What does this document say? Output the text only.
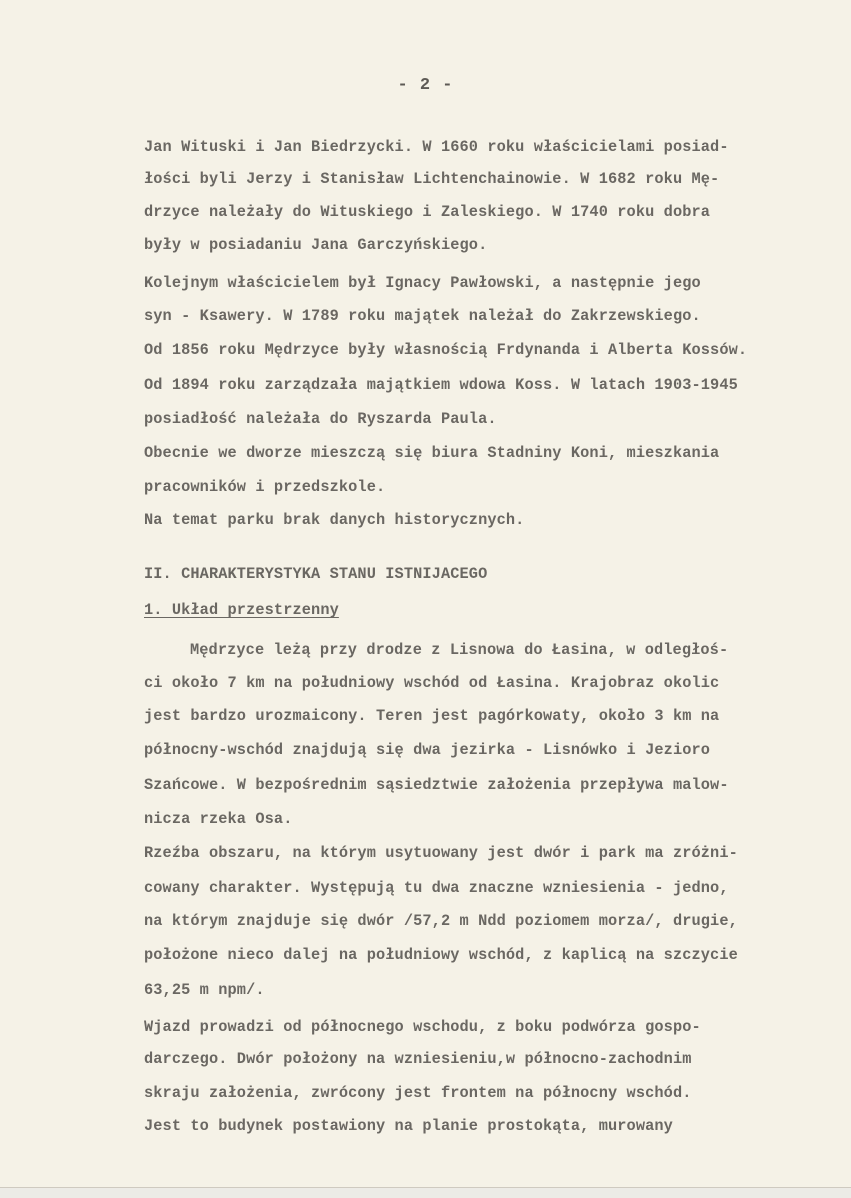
- 2 -
Jan Wituski i Jan Biedrzycki. W 1660 roku właścicielami posiad-
łości byli Jerzy i Stanisław Lichtenchainowie. W 1682 roku Mę-
drzyce należały do Wituskiego i Zaleskiego. W 1740 roku dobra
były w posiadaniu Jana Garczyńskiego.
Kolejnym właścicielem był Ignacy Pawłowski, a następnie jego
syn - Ksawery. W 1789 roku majątek należał do Zakrzewskiego.
Od 1856 roku Mędrzyce były własnością Frdynanda i Alberta Kossów.
Od 1894 roku zarządzała majątkiem wdowa Koss. W latach 1903-1945
posiadłość należała do Ryszarda Paula.
Obecnie we dworze mieszczą się biura Stadniny Koni, mieszkania
pracowników i przedszkole.
Na temat parku brak danych historycznych.
II. CHARAKTERYSTYKA STANU ISTNIJACEGO
1. Układ przestrzenny
Mędrzyce leżą przy drodze z Lisnowa do Łasina, w odległoś-
ci około 7 km na południowy wschód od Łasina. Krajobraz okolic
jest bardzo urozmaicony. Teren jest pagórkowaty, około 3 km na
północny-wschód znajdują się dwa jezirka - Lisnówko i Jezioro
Szańcowe. W bezpośrednim sąsiedztwie założenia przepływa malow-
nicza rzeka Osa.
Rzeźba obszaru, na którym usytuowany jest dwór i park ma zróżni-
cowany charakter. Występują tu dwa znaczne wzniesienia - jedno,
na którym znajduje się dwór /57,2 m Ndd poziomem morza/, drugie,
położone nieco dalej na południowy wschód, z kaplicą na szczycie
63,25 m npm/.
Wjazd prowadzi od północnego wschodu, z boku podwórza gospo-
darczego. Dwór położony na wzniesieniu,w północno-zachodnim
skraju założenia, zwrócony jest frontem na północny wschód.
Jest to budynek postawiony na planie prostokąta, murowany
